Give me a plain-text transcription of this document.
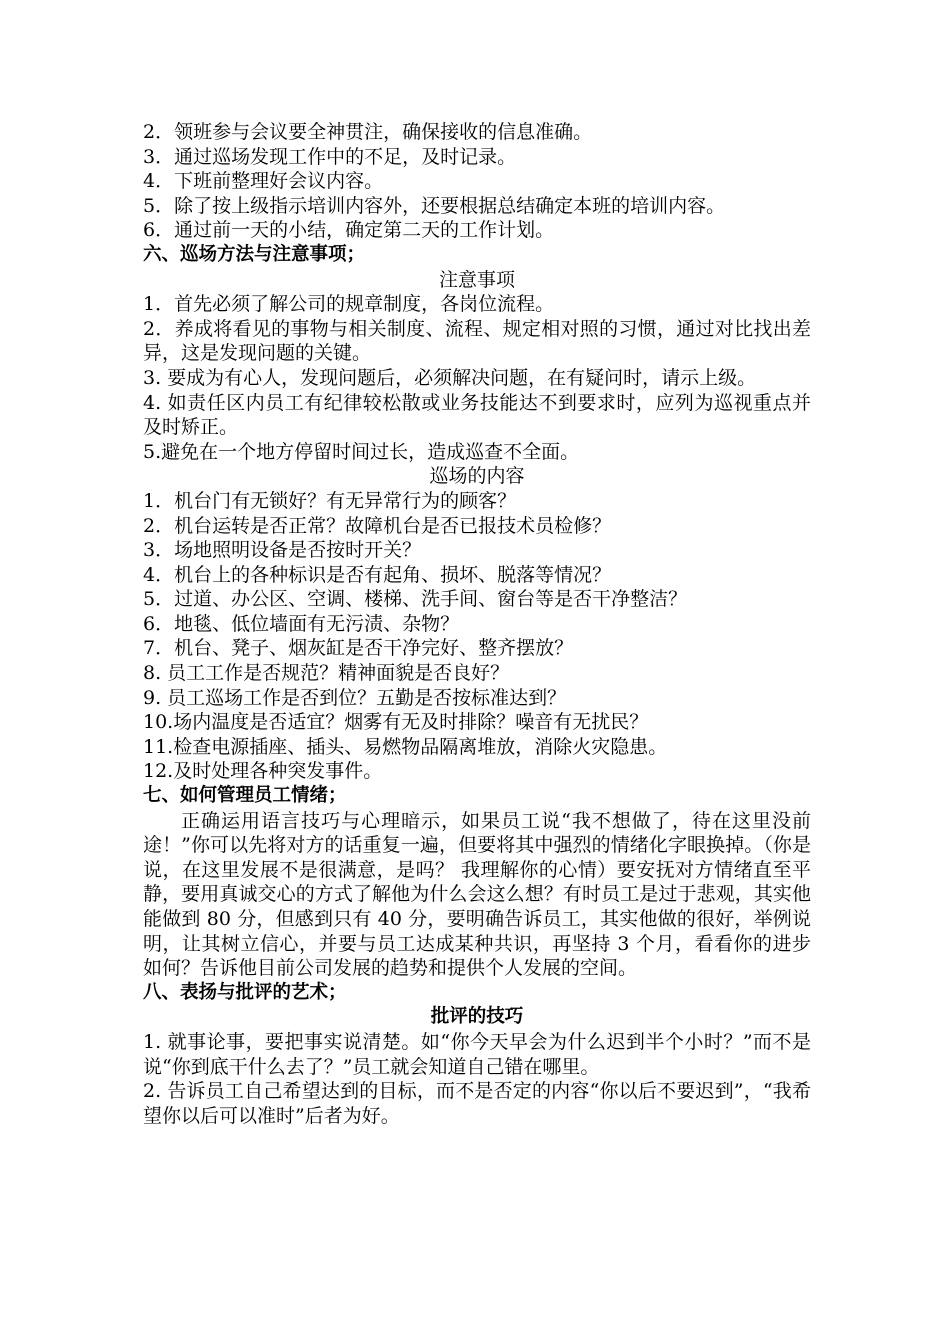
2．领班参与会议要全神贯注，确保接收的信息准确。
3．通过巡场发现工作中的不足，及时记录。
4．下班前整理好会议内容。
5．除了按上级指示培训内容外，还要根据总结确定本班的培训内容。
6．通过前一天的小结，确定第二天的工作计划。
六、巡场方法与注意事项；
注意事项
1．首先必须了解公司的规章制度，各岗位流程。
2．养成将看见的事物与相关制度、流程、规定相对照的习惯，通过对比找出差异，这是发现问题的关键。
3. 要成为有心人，发现问题后，必须解决问题，在有疑问时，请示上级。
4. 如责任区内员工有纪律较松散或业务技能达不到要求时，应列为巡视重点并及时矫正。
5.避免在一个地方停留时间过长，造成巡查不全面。
巡场的内容
1．机台门有无锁好？有无异常行为的顾客？
2．机台运转是否正常？故障机台是否已报技术员检修？
3．场地照明设备是否按时开关？
4．机台上的各种标识是否有起角、损坏、脱落等情况？
5．过道、办公区、空调、楼梯、洗手间、窗台等是否干净整洁？
6．地毯、低位墙面有无污渍、杂物？
7．机台、凳子、烟灰缸是否干净完好、整齐摆放？
8. 员工工作是否规范？精神面貌是否良好？
9. 员工巡场工作是否到位？五勤是否按标准达到？
10.场内温度是否适宜？烟雾有无及时排除？噪音有无扰民？
11.检查电源插座、插头、易燃物品隔离堆放，消除火灾隐患。
12.及时处理各种突发事件。
七、如何管理员工情绪；
正确运用语言技巧与心理暗示，如果员工说“我不想做了，待在这里没前途！”你可以先将对方的话重复一遍，但要将其中强烈的情绪化字眼换掉。（你是说，在这里发展不是很满意，是吗？ 我理解你的心情）要安抚对方情绪直至平静，要用真诚交心的方式了解他为什么会这么想？有时员工是过于悲观，其实他能做到 80 分，但感到只有 40 分，要明确告诉员工，其实他做的很好，举例说明，让其树立信心，并要与员工达成某种共识，再坚持 3 个月，看看你的进步如何？告诉他目前公司发展的趋势和提供个人发展的空间。
八、表扬与批评的艺术；
批评的技巧
1. 就事论事，要把事实说清楚。如“你今天早会为什么迟到半个小时？”而不是说“你到底干什么去了？”员工就会知道自己错在哪里。
2. 告诉员工自己希望达到的目标，而不是否定的内容“你以后不要迟到”，“我希望你以后可以准时”后者为好。
